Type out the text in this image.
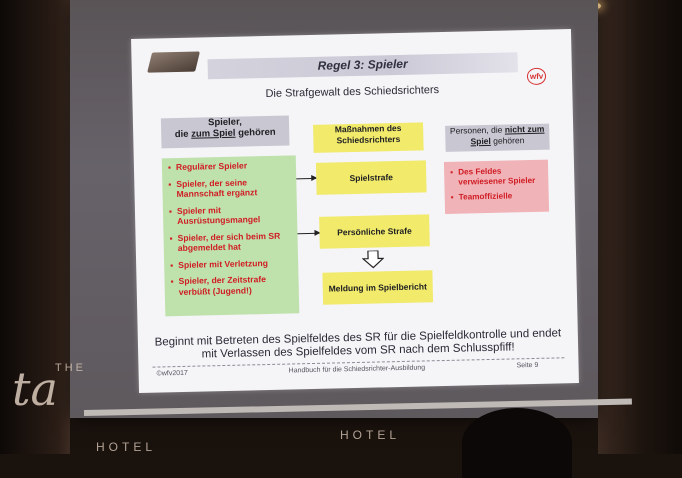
ta
THE
HOTEL
HOTEL
Regel 3: Spieler
wfv
Die Strafgewalt des Schiedsrichters
Spieler,
die zum Spiel gehören	Maßnahmen des Schiedsrichters
Personen, die nicht zum Spiel gehören
▪ Regulärer Spieler
▪ Spieler, der seine Mannschaft ergänzt
▪ Spieler mit Ausrüstungsmangel
▪ Spieler, der sich beim SR abgemeldet hat
▪ Spieler mit Verletzung
▪ Spieler, der Zeitstrafe verbüßt (Jugend!)
▪ Des Feldes verwiesener Spieler
▪ Teamoffizielle
Spielstrafe
Persönliche Strafe
Meldung im Spielbericht
Beginnt mit Betreten des Spielfeldes des SR für die Spielfeldkontrolle und endet mit Verlassen des Spielfeldes vom SR nach dem Schlusspfiff!
©wfv2017	Handbuch für die Schiedsrichter-Ausbildung	Seite 9
